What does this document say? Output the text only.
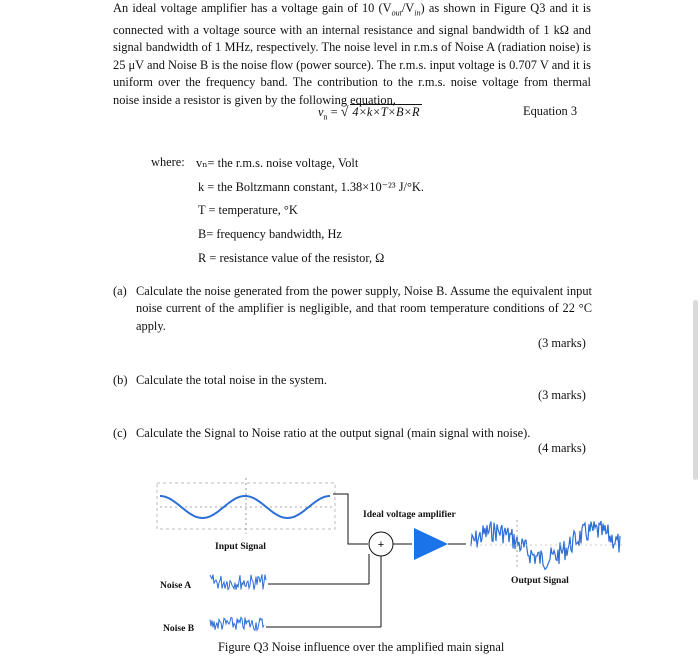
An ideal voltage amplifier has a voltage gain of 10 $(V_{out}/V_{in})$ as shown in Figure Q3 and it is connected with a voltage source with an internal resistance and signal bandwidth of 1 kΩ and signal bandwidth of 1 MHz, respectively. The noise level in r.m.s of Noise A (radiation noise) is 25 μV and Noise B is the noise flow (power source). The r.m.s. input voltage is 0.707 V and it is uniform over the frequency band. The contribution to the r.m.s. noise voltage from thermal noise inside a resistor is given by the following equation,

$v_n$ = √ 4×k×T×B×R	Equation 3
where: vₙ= the r.m.s. noise voltage, Volt
k = the Boltzmann constant, 1.38×10⁻²³ J/°K.
T = temperature, °K
B= frequency bandwidth, Hz
R = resistance value of the resistor, Ω
(a) Calculate the noise generated from the power supply, Noise B. Assume the equivalent input noise current of the amplifier is negligible, and that room temperature conditions of 22 °C apply.
(3 marks)
(b) Calculate the total noise in the system.
(3 marks)
(c) Calculate the Signal to Noise ratio at the output signal (main signal with noise).
(4 marks)
+
Input Signal
Ideal voltage amplifier
Output Signal
Noise A
Noise B
Figure Q3 Noise influence over the amplified main signal
